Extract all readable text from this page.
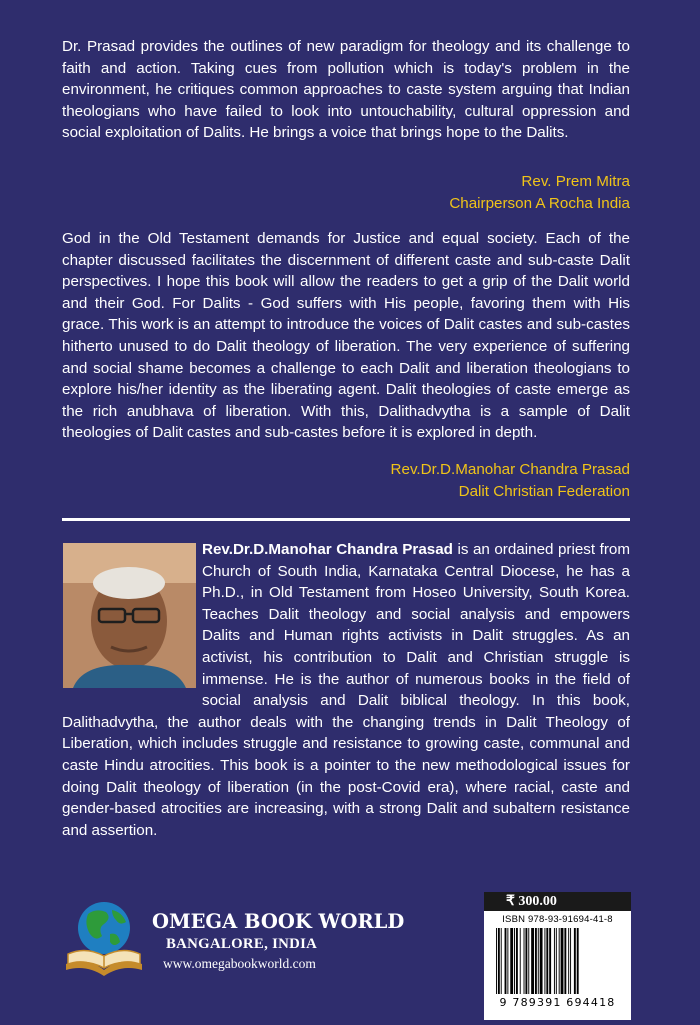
Dr. Prasad provides the outlines of new paradigm for theology and its challenge to faith and action. Taking cues from pollution which is today's problem in the environment, he critiques common approaches to caste system arguing that Indian theologians who have failed to look into untouchability, cultural oppression and social exploitation of Dalits. He brings a voice that brings hope to the Dalits.

Rev. Prem Mitra
Chairperson A Rocha India

God in the Old Testament demands for Justice and equal society. Each of the chapter discussed facilitates the discernment of different caste and sub-caste Dalit perspectives. I hope this book will allow the readers to get a grip of the Dalit world and their God. For Dalits - God suffers with His people, favoring them with His grace. This work is an attempt to introduce the voices of Dalit castes and sub-castes hitherto unused to do Dalit theology of liberation. The very experience of suffering and social shame becomes a challenge to each Dalit and liberation theologians to explore his/her identity as the liberating agent. Dalit theologies of caste emerge as the rich anubhava of liberation. With this, Dalithadvytha is a sample of Dalit theologies of Dalit castes and sub-castes before it is explored in depth.

Rev.Dr.D.Manohar Chandra Prasad
Dalit Christian Federation

Rev.Dr.D.Manohar Chandra Prasad is an ordained priest from Church of South India, Karnataka Central Diocese, he has a Ph.D., in Old Testament from Hoseo University, South Korea. Teaches Dalit theology and social analysis and empowers Dalits and Human rights activists in Dalit struggles. As an activist, his contribution to Dalit and Christian struggle is immense. He is the author of numerous books in the field of social analysis and Dalit biblical theology. In this book, Dalithadvytha, the author deals with the changing trends in Dalit Theology of Liberation, which includes struggle and resistance to growing caste, communal and caste Hindu atrocities. This book is a pointer to the new methodological issues for doing Dalit theology of liberation (in the post-Covid era), where racial, caste and gender-based atrocities are increasing, with a strong Dalit and subaltern resistance and assertion.

OMEGA BOOK WORLD
BANGALORE, INDIA
www.omegabookworld.com
₹ 300.00
ISBN 978-93-91694-41-8
9 789391 694418
